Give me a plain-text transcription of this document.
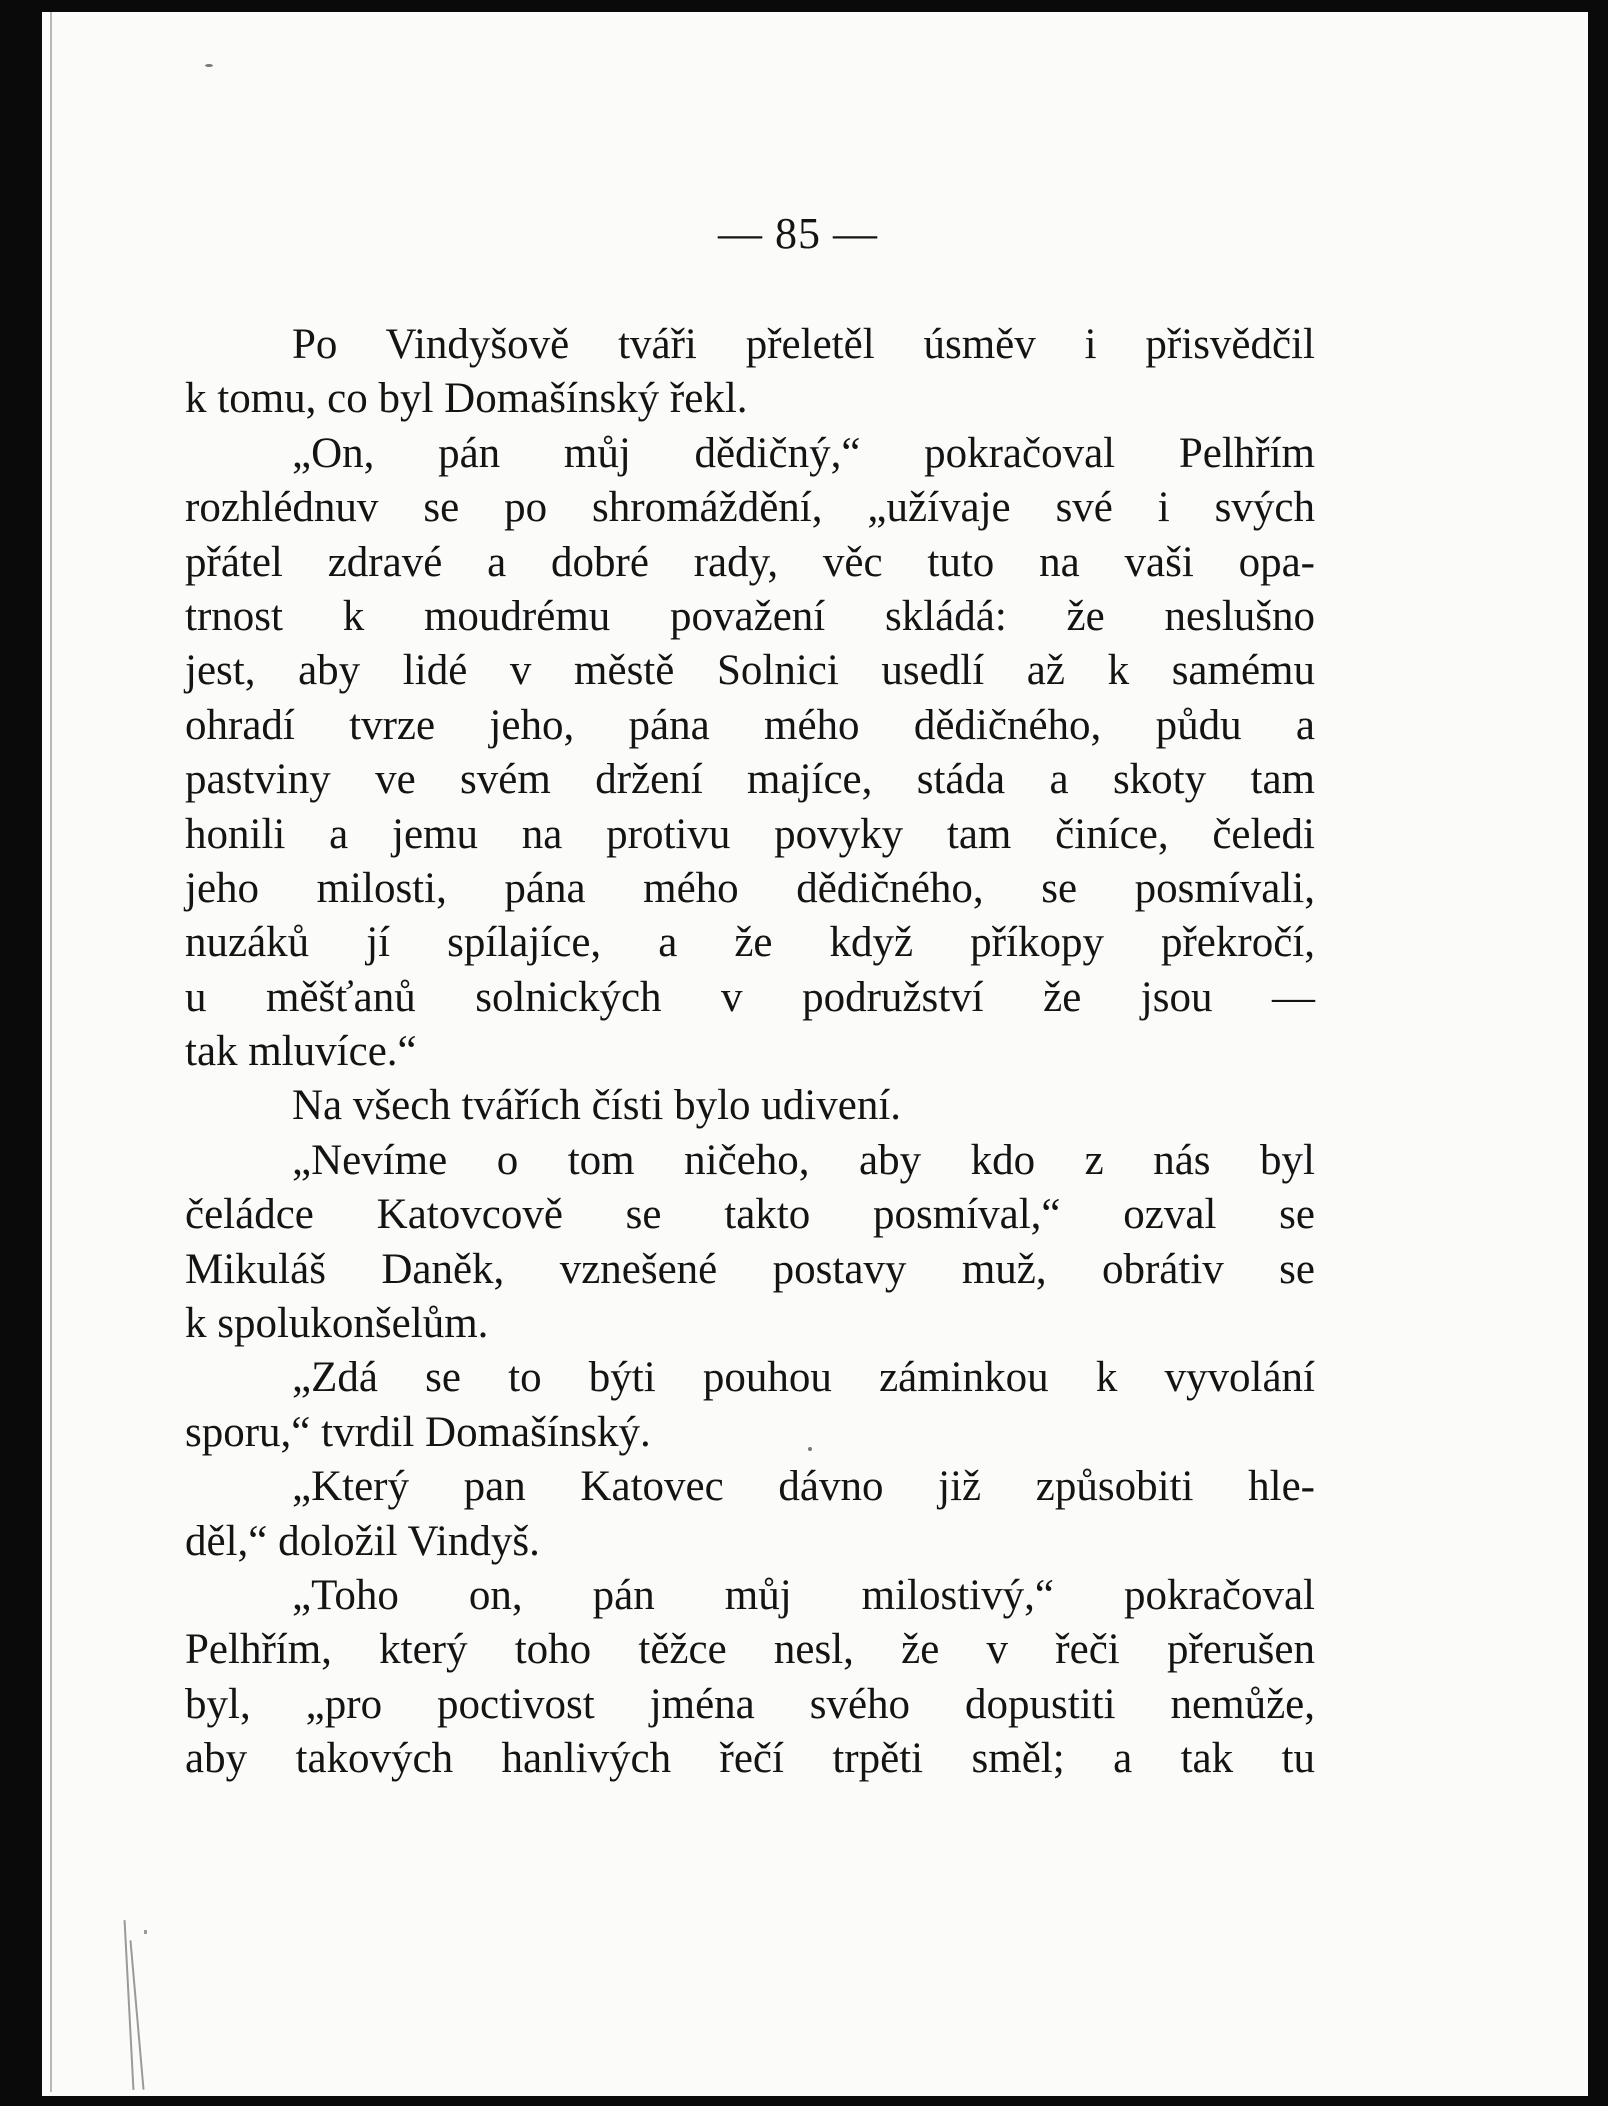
— 85 —
Po Vindyšově tváři přeletěl úsměv i přisvědčil
k tomu, co byl Domašínský řekl.
„On, pán můj dědičný,“ pokračoval Pelhřím
rozhlédnuv se po shromáždění, „užívaje své i svých
přátel zdravé a dobré rady, věc tuto na vaši opa-
trnost k moudrému považení skládá: že neslušno
jest, aby lidé v městě Solnici usedlí až k samému
ohradí tvrze jeho, pána mého dědičného, půdu a
pastviny ve svém držení majíce, stáda a skoty tam
honili a jemu na protivu povyky tam činíce, čeledi
jeho milosti, pána mého dědičného, se posmívali,
nuzáků jí spílajíce, a že když příkopy překročí,
u měšťanů solnických v podružství že jsou —
tak mluvíce.“
Na všech tvářích čísti bylo udivení.
„Nevíme o tom ničeho, aby kdo z nás byl
čeládce Katovcově se takto posmíval,“ ozval se
Mikuláš Daněk, vznešené postavy muž, obrátiv se
k spolukonšelům.
„Zdá se to býti pouhou záminkou k vyvolání
sporu,“ tvrdil Domašínský.
„Který pan Katovec dávno již způsobiti hle-
děl,“ doložil Vindyš.
„Toho on, pán můj milostivý,“ pokračoval
Pelhřím, který toho těžce nesl, že v řeči přerušen
byl, „pro poctivost jména svého dopustiti nemůže,
aby takových hanlivých řečí trpěti směl; a tak tu
